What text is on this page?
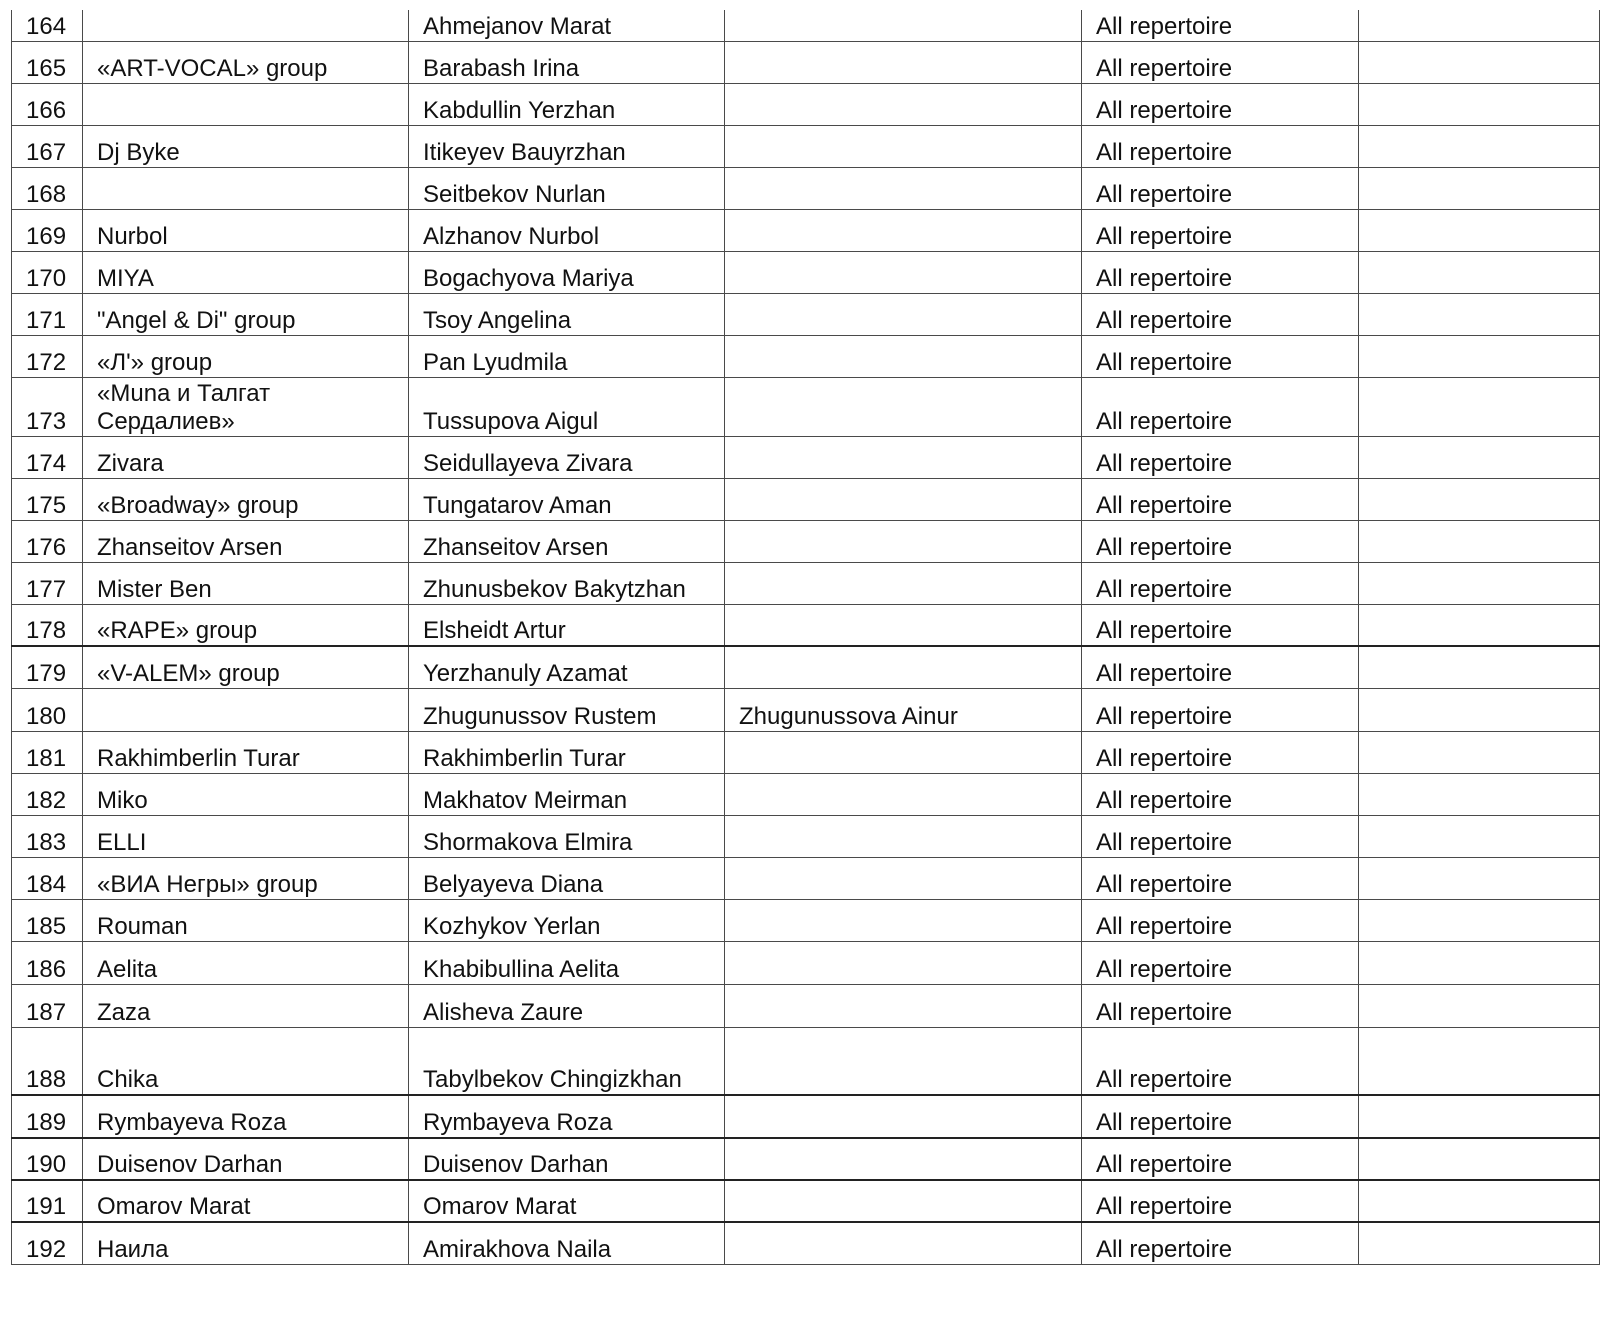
164		Ahmejanov Marat		All repertoire	
165	«ART-VOCAL» group	Barabash Irina		All repertoire	
166		Kabdullin Yerzhan		All repertoire	
167	Dj Byke	Itikeyev Bauyrzhan		All repertoire	
168		Seitbekov Nurlan		All repertoire	
169	Nurbol	Alzhanov Nurbol		All repertoire	
170	MIYA	Bogachyova Mariya		All repertoire	
171	"Angel & Di" group	Tsoy Angelina		All repertoire	
172	«Л'» group	Pan Lyudmila		All repertoire	
173	«Muna и Талгат
Сердалиев»	Tussupova Aigul		All repertoire	
174	Zivara	Seidullayeva Zivara		All repertoire	
175	«Broadway» group	Tungatarov Aman		All repertoire	
176	Zhanseitov Arsen	Zhanseitov Arsen		All repertoire	
177	Mister Ben	Zhunusbekov Bakytzhan		All repertoire	
178	«RAPE» group	Elsheidt Artur		All repertoire	
179	«V-ALEM» group	Yerzhanuly Azamat		All repertoire	
180		Zhugunussov Rustem	Zhugunussova Ainur	All repertoire	
181	Rakhimberlin Turar	Rakhimberlin Turar		All repertoire	
182	Miko	Makhatov Meirman		All repertoire	
183	ELLI	Shormakova Elmira		All repertoire	
184	«ВИА Негры» group	Belyayeva Diana		All repertoire	
185	Rouman	Kozhykov Yerlan		All repertoire	
186	Aelita	Khabibullina Aelita		All repertoire	
187	Zaza	Alisheva Zaure		All repertoire	
188	Chika	Tabylbekov Chingizkhan		All repertoire	
189	Rymbayeva Roza	Rymbayeva Roza		All repertoire	
190	Duisenov Darhan	Duisenov Darhan		All repertoire	
191	Omarov Marat	Omarov Marat		All repertoire	
192	Наила	Amirakhova Naila		All repertoire	
